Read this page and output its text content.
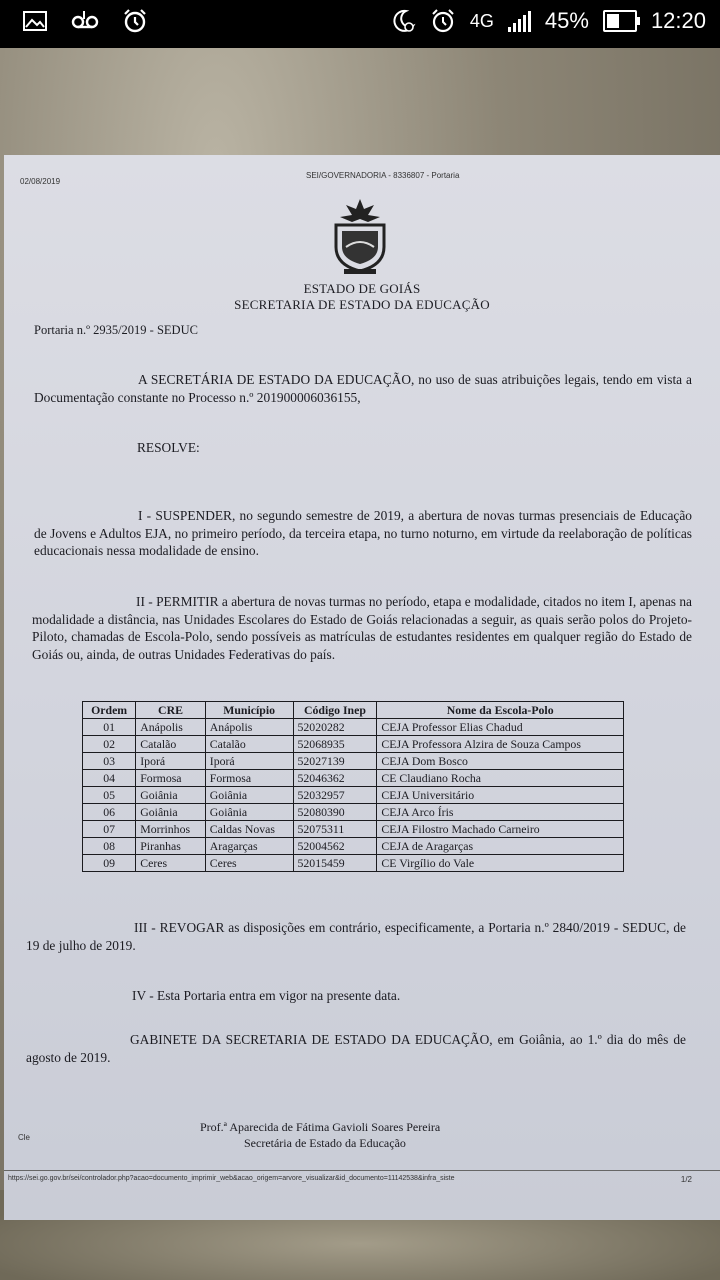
4G 45%	12:20
02/08/2019
SEI/GOVERNADORIA - 8336807 - Portaria
ESTADO DE GOIÁS
SECRETARIA DE ESTADO DA EDUCAÇÃO
Portaria n.º 2935/2019 - SEDUC
A SECRETÁRIA DE ESTADO DA EDUCAÇÃO, no uso de suas atribuições legais, tendo em vista a Documentação constante no Processo n.º 201900006036155,
RESOLVE:
I - SUSPENDER, no segundo semestre de 2019, a abertura de novas turmas presenciais de Educação de Jovens e Adultos EJA, no primeiro período, da terceira etapa, no turno noturno, em virtude da reelaboração de políticas educacionais nessa modalidade de ensino.
II - PERMITIR a abertura de novas turmas no período, etapa e modalidade, citados no item I, apenas na modalidade a distância, nas Unidades Escolares do Estado de Goiás relacionadas a seguir, as quais serão polos do Projeto-Piloto, chamadas de Escola-Polo, sendo possíveis as matrículas de estudantes residentes em qualquer região do Estado de Goiás ou, ainda, de outras Unidades Federativas do país.
Ordem	CRE	Município	Código Inep	Nome da Escola-Polo
01	Anápolis	Anápolis	52020282	CEJA Professor Elias Chadud
02	Catalão	Catalão	52068935	CEJA Professora Alzira de Souza Campos
03	Iporá	Iporá	52027139	CEJA Dom Bosco
04	Formosa	Formosa	52046362	CE Claudiano Rocha
05	Goiânia	Goiânia	52032957	CEJA Universitário
06	Goiânia	Goiânia	52080390	CEJA Arco Íris
07	Morrinhos	Caldas Novas	52075311	CEJA Filostro Machado Carneiro
08	Piranhas	Aragarças	52004562	CEJA de Aragarças
09	Ceres	Ceres	52015459	CE Virgílio do Vale
III - REVOGAR as disposições em contrário, especificamente, a Portaria n.º 2840/2019 - SEDUC, de 19 de julho de 2019.
IV - Esta Portaria entra em vigor na presente data.
GABINETE DA SECRETARIA DE ESTADO DA EDUCAÇÃO, em Goiânia, ao 1.º dia do mês de agosto de 2019.
Prof.ª Aparecida de Fátima Gavioli Soares Pereira
Secretária de Estado da Educação
Cle
https://sei.go.gov.br/sei/controlador.php?acao=documento_imprimir_web&acao_origem=arvore_visualizar&id_documento=11142538&infra_siste	1/2
